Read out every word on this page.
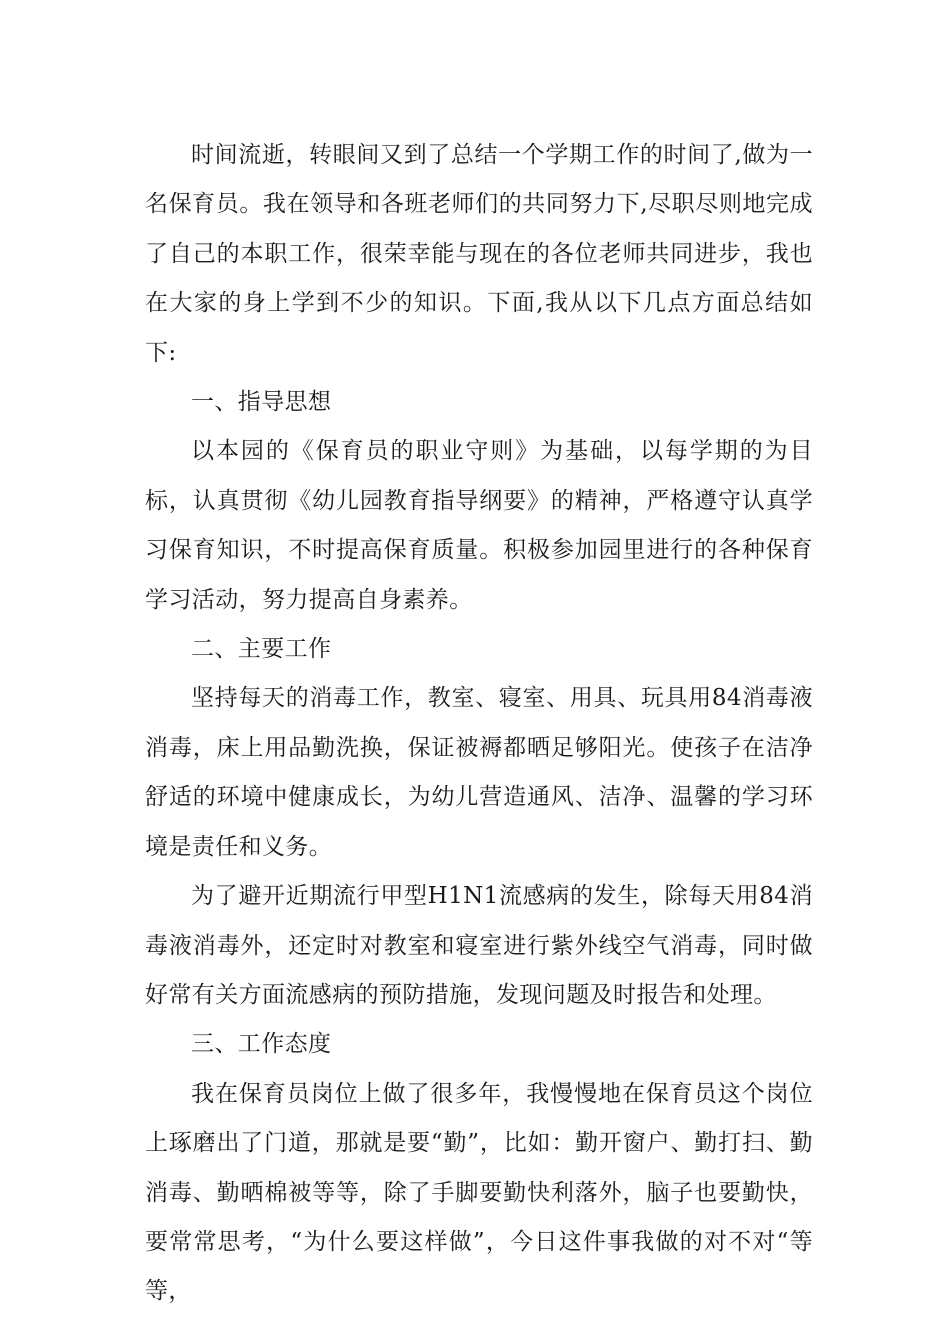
时间流逝，转眼间又到了总结一个学期工作的时间了,做为一名保育员。我在领导和各班老师们的共同努力下,尽职尽则地完成了自己的本职工作，很荣幸能与现在的各位老师共同进步，我也在大家的身上学到不少的知识。下面,我从以下几点方面总结如下:

一、指导思想

以本园的《保育员的职业守则》为基础，以每学期的为目标，认真贯彻《幼儿园教育指导纲要》的精神，严格遵守认真学习保育知识，不时提高保育质量。积极参加园里进行的各种保育学习活动，努力提高自身素养。

二、主要工作

坚持每天的消毒工作，教室、寝室、用具、玩具用84消毒液消毒，床上用品勤洗换，保证被褥都晒足够阳光。使孩子在洁净舒适的环境中健康成长，为幼儿营造通风、洁净、温馨的学习环境是责任和义务。

为了避开近期流行甲型H1N1流感病的发生，除每天用84消毒液消毒外，还定时对教室和寝室进行紫外线空气消毒，同时做好常有关方面流感病的预防措施，发现问题及时报告和处理。

三、工作态度

我在保育员岗位上做了很多年，我慢慢地在保育员这个岗位上琢磨出了门道，那就是要“勤”，比如：勤开窗户、勤打扫、勤消毒、勤晒棉被等等，除了手脚要勤快利落外，脑子也要勤快，要常常思考，“为什么要这样做”，今日这件事我做的对不对“等等，
